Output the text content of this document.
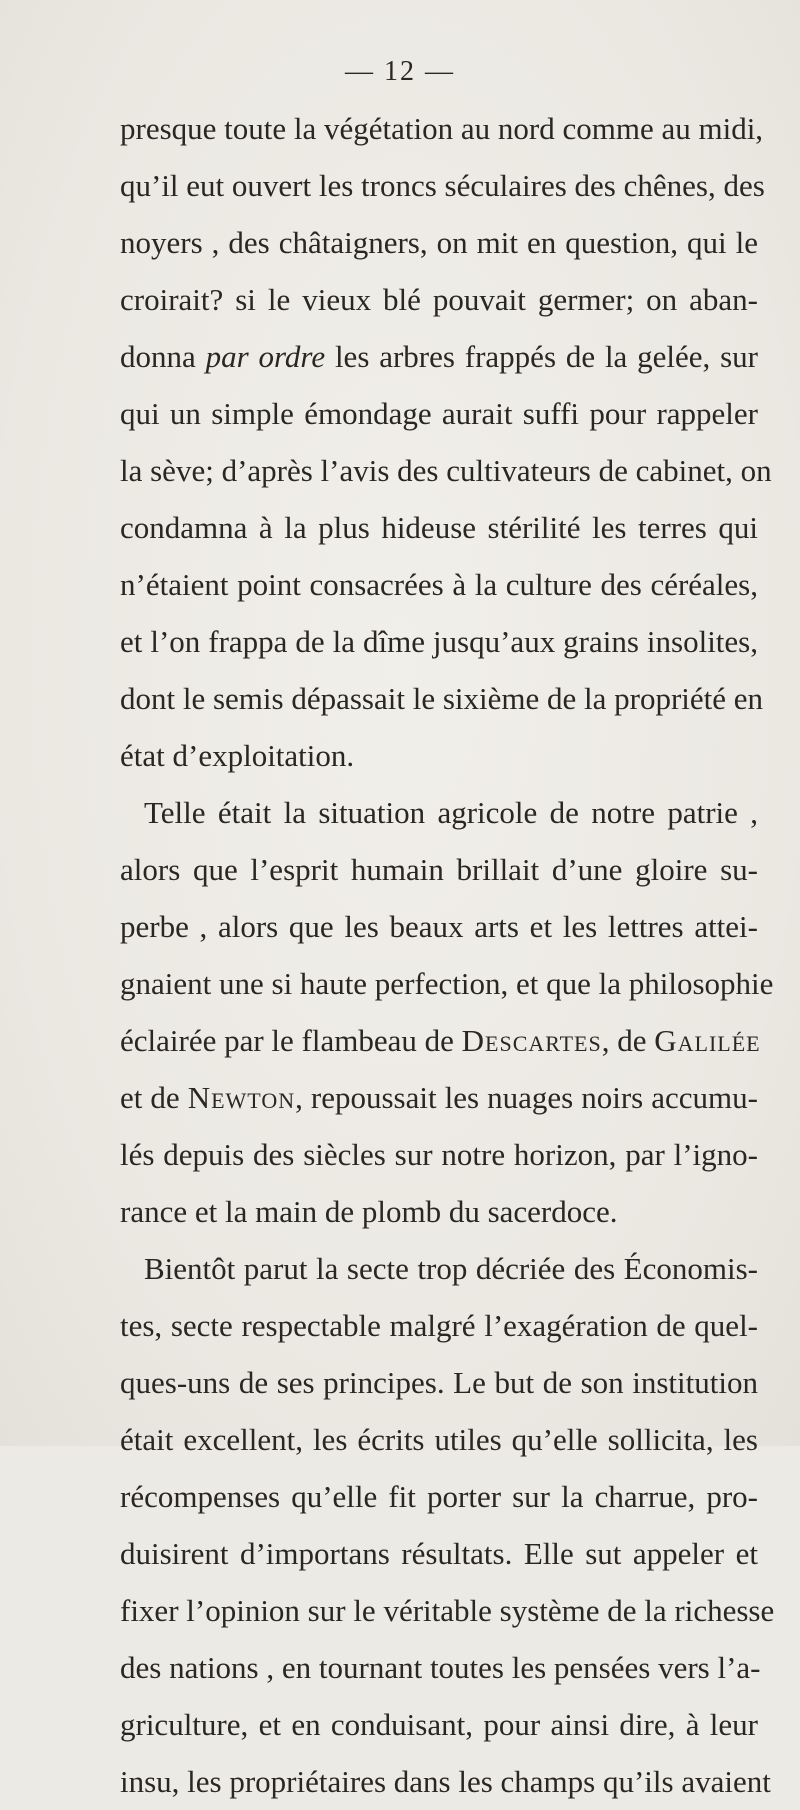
— 12 —
presque toute la végétation au nord comme au midi,
qu’il eut ouvert les troncs séculaires des chênes, des
noyers , des châtaigners, on mit en question, qui le
croirait? si le vieux blé pouvait germer; on aban-
donna par ordre les arbres frappés de la gelée, sur
qui un simple émondage aurait suffi pour rappeler
la sève; d’après l’avis des cultivateurs de cabinet, on
condamna à la plus hideuse stérilité les terres qui
n’étaient point consacrées à la culture des céréales,
et l’on frappa de la dîme jusqu’aux grains insolites,
dont le semis dépassait le sixième de la propriété en
état d’exploitation.
Telle était la situation agricole de notre patrie ,
alors que l’esprit humain brillait d’une gloire su-
perbe , alors que les beaux arts et les lettres attei-
gnaient une si haute perfection, et que la philosophie
éclairée par le flambeau de Descartes, de Galilée
et de Newton, repoussait les nuages noirs accumu-
lés depuis des siècles sur notre horizon, par l’igno-
rance et la main de plomb du sacerdoce.
Bientôt parut la secte trop décriée des Économis-
tes, secte respectable malgré l’exagération de quel-
ques-uns de ses principes. Le but de son institution
était excellent, les écrits utiles qu’elle sollicita, les
récompenses qu’elle fit porter sur la charrue, pro-
duisirent d’importans résultats. Elle sut appeler et
fixer l’opinion sur le véritable système de la richesse
des nations , en tournant toutes les pensées vers l’a-
griculture, et en conduisant, pour ainsi dire, à leur
insu, les propriétaires dans les champs qu’ils avaient
